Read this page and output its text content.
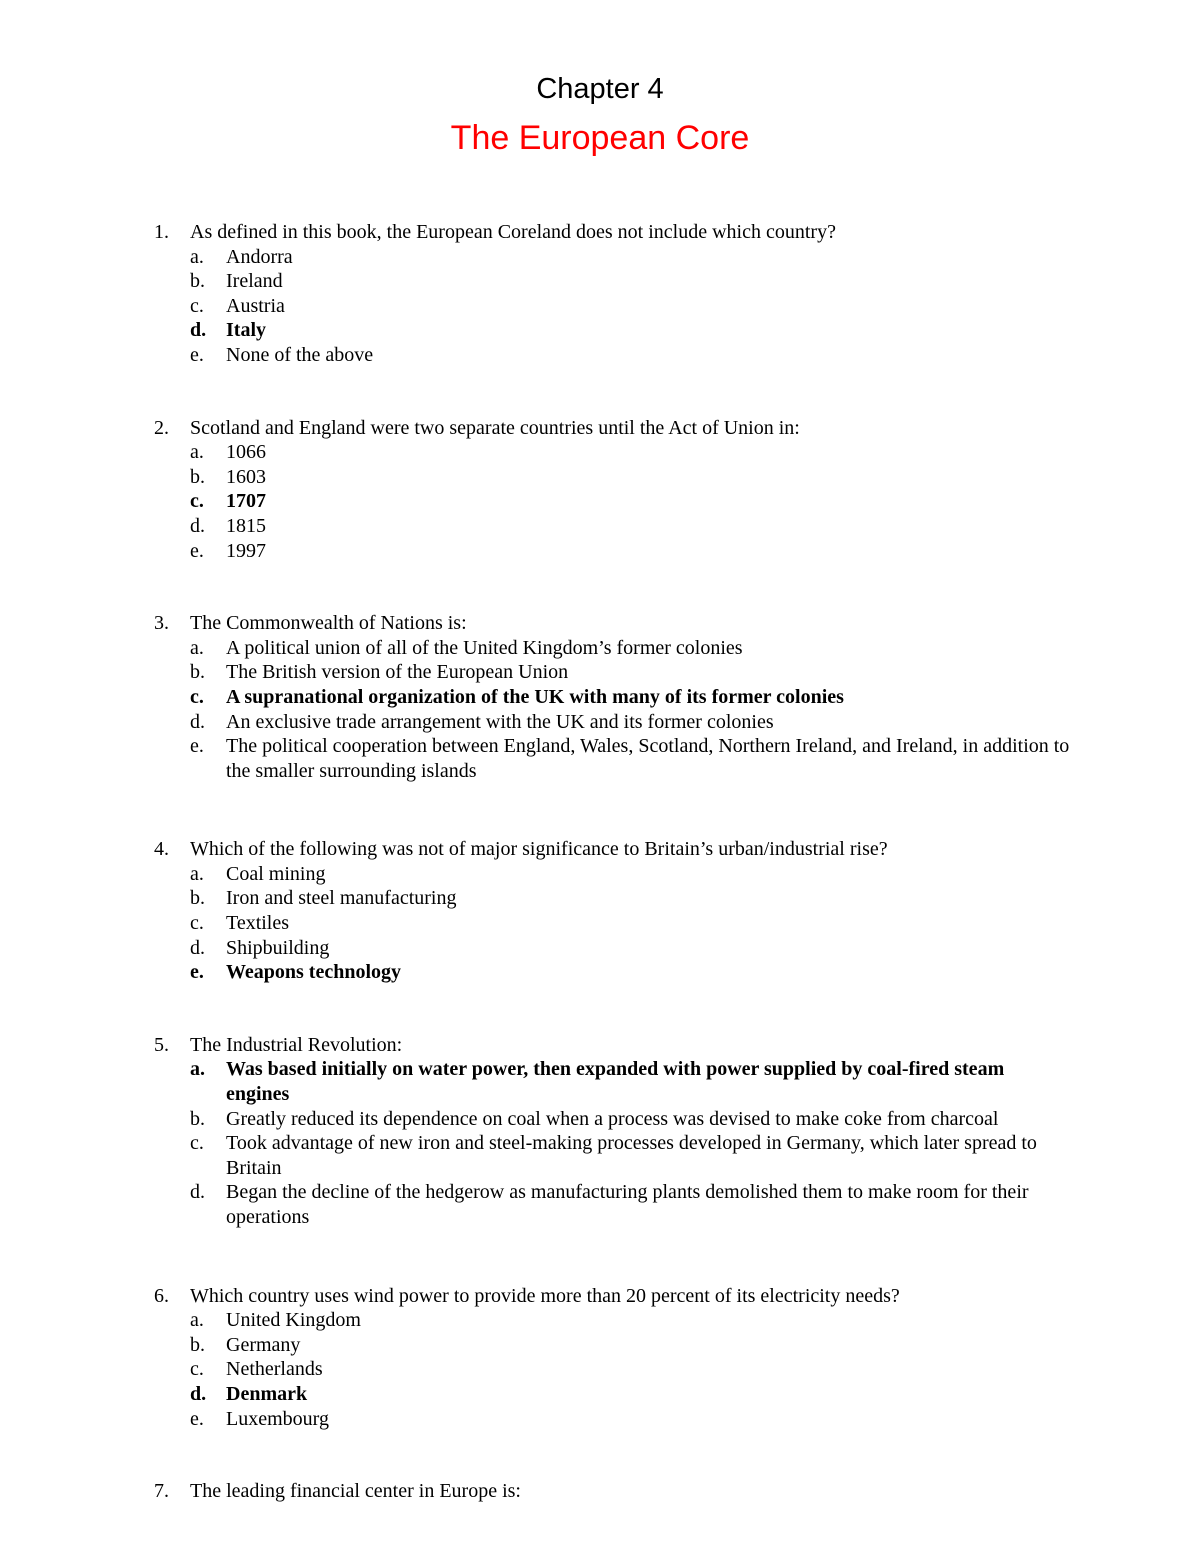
Chapter 4
The European Core
1. As defined in this book, the European Coreland does not include which country?
a. Andorra
b. Ireland
c. Austria
d. Italy
e. None of the above
2. Scotland and England were two separate countries until the Act of Union in:
a. 1066
b. 1603
c. 1707
d. 1815
e. 1997
3. The Commonwealth of Nations is:
a. A political union of all of the United Kingdom’s former colonies
b. The British version of the European Union
c. A supranational organization of the UK with many of its former colonies
d. An exclusive trade arrangement with the UK and its former colonies
e. The political cooperation between England, Wales, Scotland, Northern Ireland, and Ireland, in addition to the smaller surrounding islands
4. Which of the following was not of major significance to Britain’s urban/industrial rise?
a. Coal mining
b. Iron and steel manufacturing
c. Textiles
d. Shipbuilding
e. Weapons technology
5. The Industrial Revolution:
a. Was based initially on water power, then expanded with power supplied by coal-fired steam engines
b. Greatly reduced its dependence on coal when a process was devised to make coke from charcoal
c. Took advantage of new iron and steel-making processes developed in Germany, which later spread to Britain
d. Began the decline of the hedgerow as manufacturing plants demolished them to make room for their operations
6. Which country uses wind power to provide more than 20 percent of its electricity needs?
a. United Kingdom
b. Germany
c. Netherlands
d. Denmark
e. Luxembourg
7. The leading financial center in Europe is:
